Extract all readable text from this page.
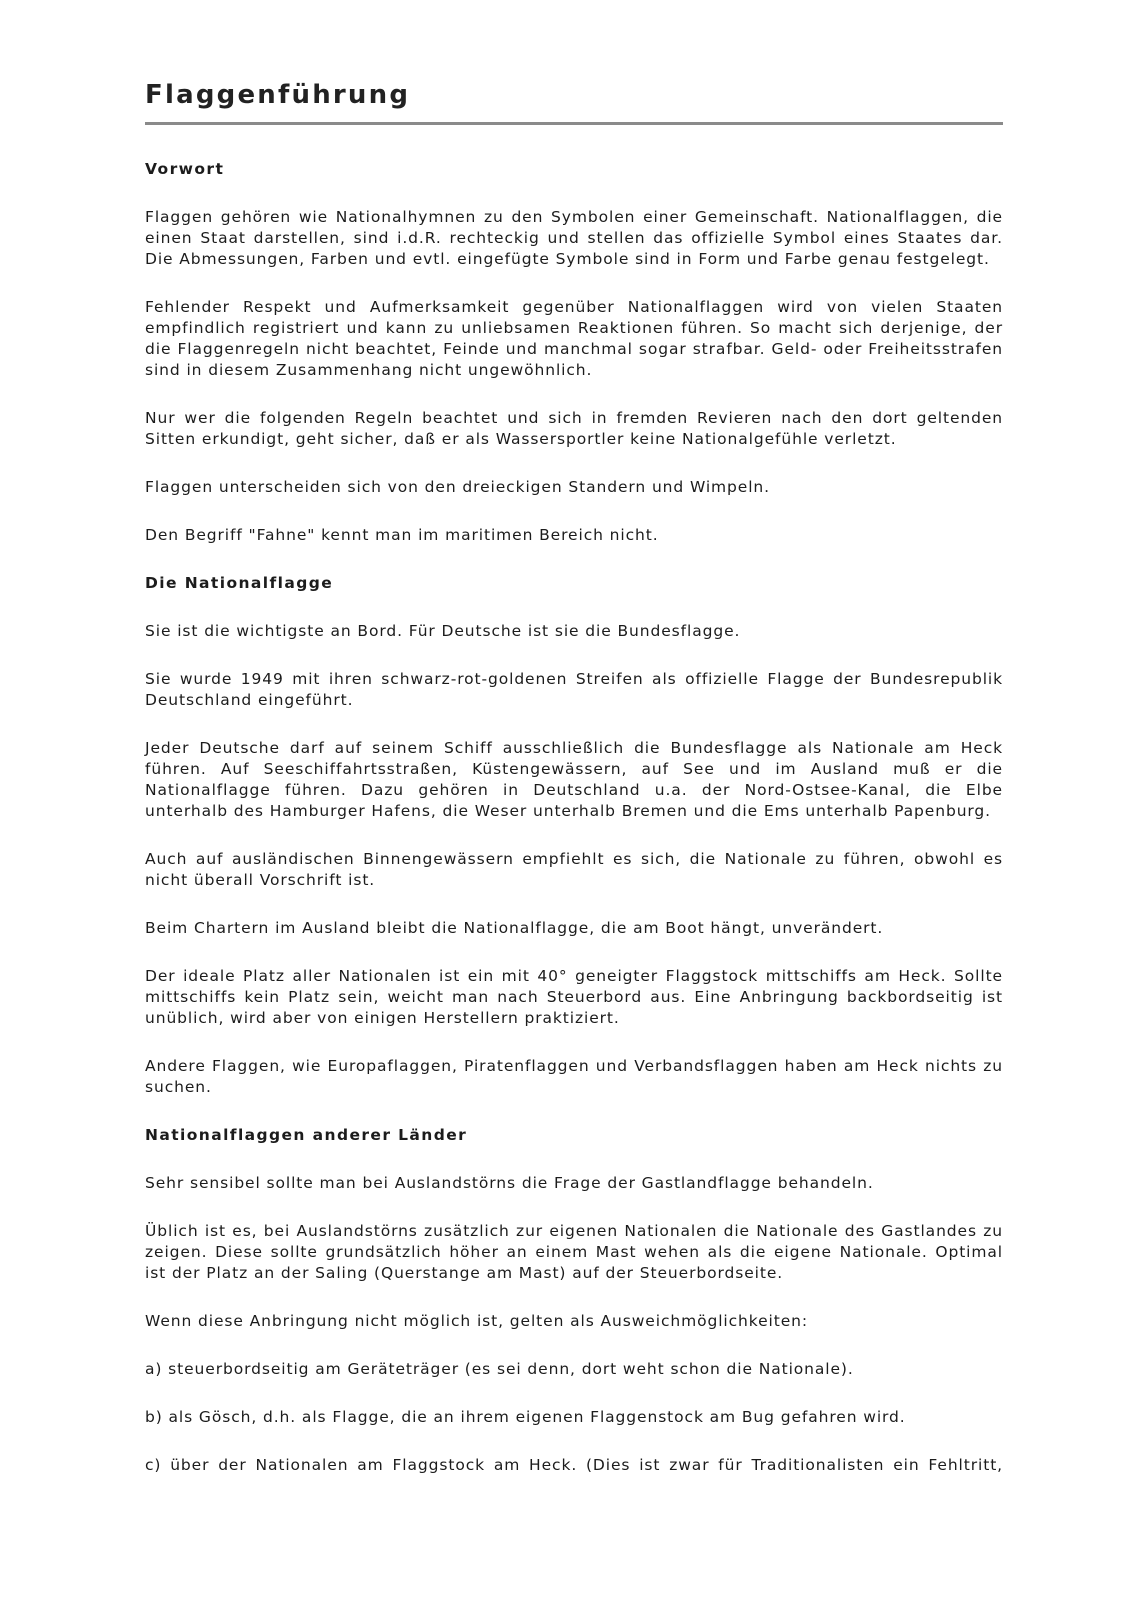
Flaggenführung
Vorwort

Flaggen gehören wie Nationalhymnen zu den Symbolen einer Gemeinschaft. Nationalflaggen, die einen Staat darstellen, sind i.d.R. rechteckig und stellen das offizielle Symbol eines Staates dar. Die Abmessungen, Farben und evtl. eingefügte Symbole sind in Form und Farbe genau festgelegt.

Fehlender Respekt und Aufmerksamkeit gegenüber Nationalflaggen wird von vielen Staaten empfindlich registriert und kann zu unliebsamen Reaktionen führen. So macht sich derjenige, der die Flaggenregeln nicht beachtet, Feinde und manchmal sogar strafbar. Geld- oder Freiheitsstrafen sind in diesem Zusammenhang nicht ungewöhnlich.

Nur wer die folgenden Regeln beachtet und sich in fremden Revieren nach den dort geltenden Sitten erkundigt, geht sicher, daß er als Wassersportler keine Nationalgefühle verletzt.

Flaggen unterscheiden sich von den dreieckigen Standern und Wimpeln.

Den Begriff "Fahne" kennt man im maritimen Bereich nicht.

Die Nationalflagge

Sie ist die wichtigste an Bord. Für Deutsche ist sie die Bundesflagge.

Sie wurde 1949 mit ihren schwarz-rot-goldenen Streifen als offizielle Flagge der Bundesrepublik Deutschland eingeführt.

Jeder Deutsche darf auf seinem Schiff ausschließlich die Bundesflagge als Nationale am Heck führen. Auf Seeschiffahrtsstraßen, Küstengewässern, auf See und im Ausland muß er die Nationalflagge führen. Dazu gehören in Deutschland u.a. der Nord-Ostsee-Kanal, die Elbe unterhalb des Hamburger Hafens, die Weser unterhalb Bremen und die Ems unterhalb Papenburg.

Auch auf ausländischen Binnengewässern empfiehlt es sich, die Nationale zu führen, obwohl es nicht überall Vorschrift ist.

Beim Chartern im Ausland bleibt die Nationalflagge, die am Boot hängt, unverändert.

Der ideale Platz aller Nationalen ist ein mit 40° geneigter Flaggstock mittschiffs am Heck. Sollte mittschiffs kein Platz sein, weicht man nach Steuerbord aus. Eine Anbringung backbordseitig ist unüblich, wird aber von einigen Herstellern praktiziert.

Andere Flaggen, wie Europaflaggen, Piratenflaggen und Verbandsflaggen haben am Heck nichts zu suchen.

Nationalflaggen anderer Länder

Sehr sensibel sollte man bei Auslandstörns die Frage der Gastlandflagge behandeln.

Üblich ist es, bei Auslandstörns zusätzlich zur eigenen Nationalen die Nationale des Gastlandes zu zeigen. Diese sollte grundsätzlich höher an einem Mast wehen als die eigene Nationale. Optimal ist der Platz an der Saling (Querstange am Mast) auf der Steuerbordseite.

Wenn diese Anbringung nicht möglich ist, gelten als Ausweichmöglichkeiten:

a) steuerbordseitig am Geräteträger (es sei denn, dort weht schon die Nationale).

b) als Gösch, d.h. als Flagge, die an ihrem eigenen Flaggenstock am Bug gefahren wird.

c) über der Nationalen am Flaggstock am Heck. (Dies ist zwar für Traditionalisten ein Fehltritt,
